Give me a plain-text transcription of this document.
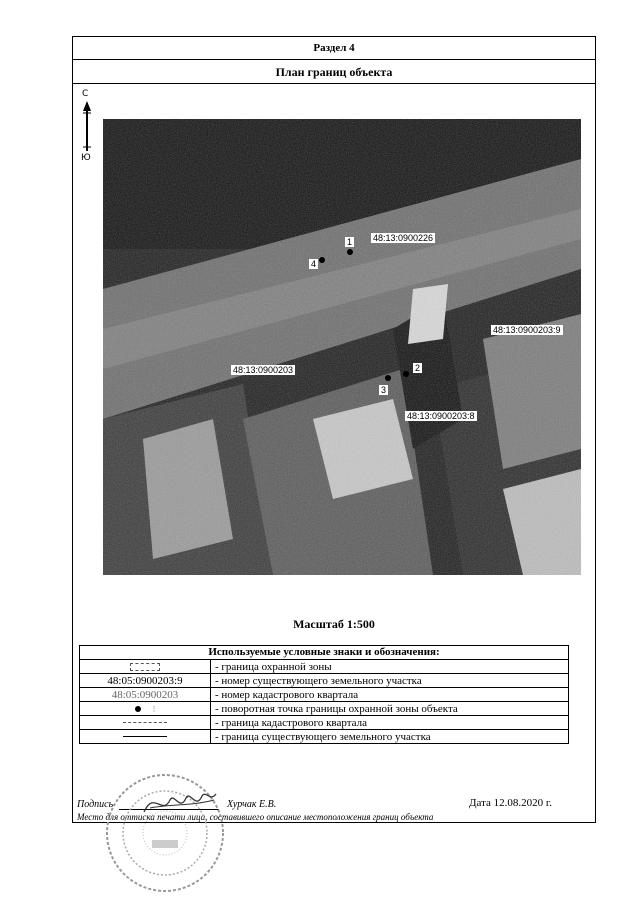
Раздел 4
План границ объекта
С
Ю
48:13:0900226
48:13:0900203:9
48:13:0900203
48:13:0900203:8
1
2
3
4
Масштаб 1:500
Используемые условные знаки и обозначения:
	- граница охранной зоны
48:05:0900203:9	- номер существующего земельного участка
48:05:0900203	- номер кадастрового квартала
⁝	- поворотная точка границы охранной зоны объекта
	- граница кадастрового квартала
	- граница существующего земельного участка
Подпись	Хурчак Е.В.	Дата 12.08.2020 г.
Место для оттиска печати лица, составившего описание местоположения границ объекта
